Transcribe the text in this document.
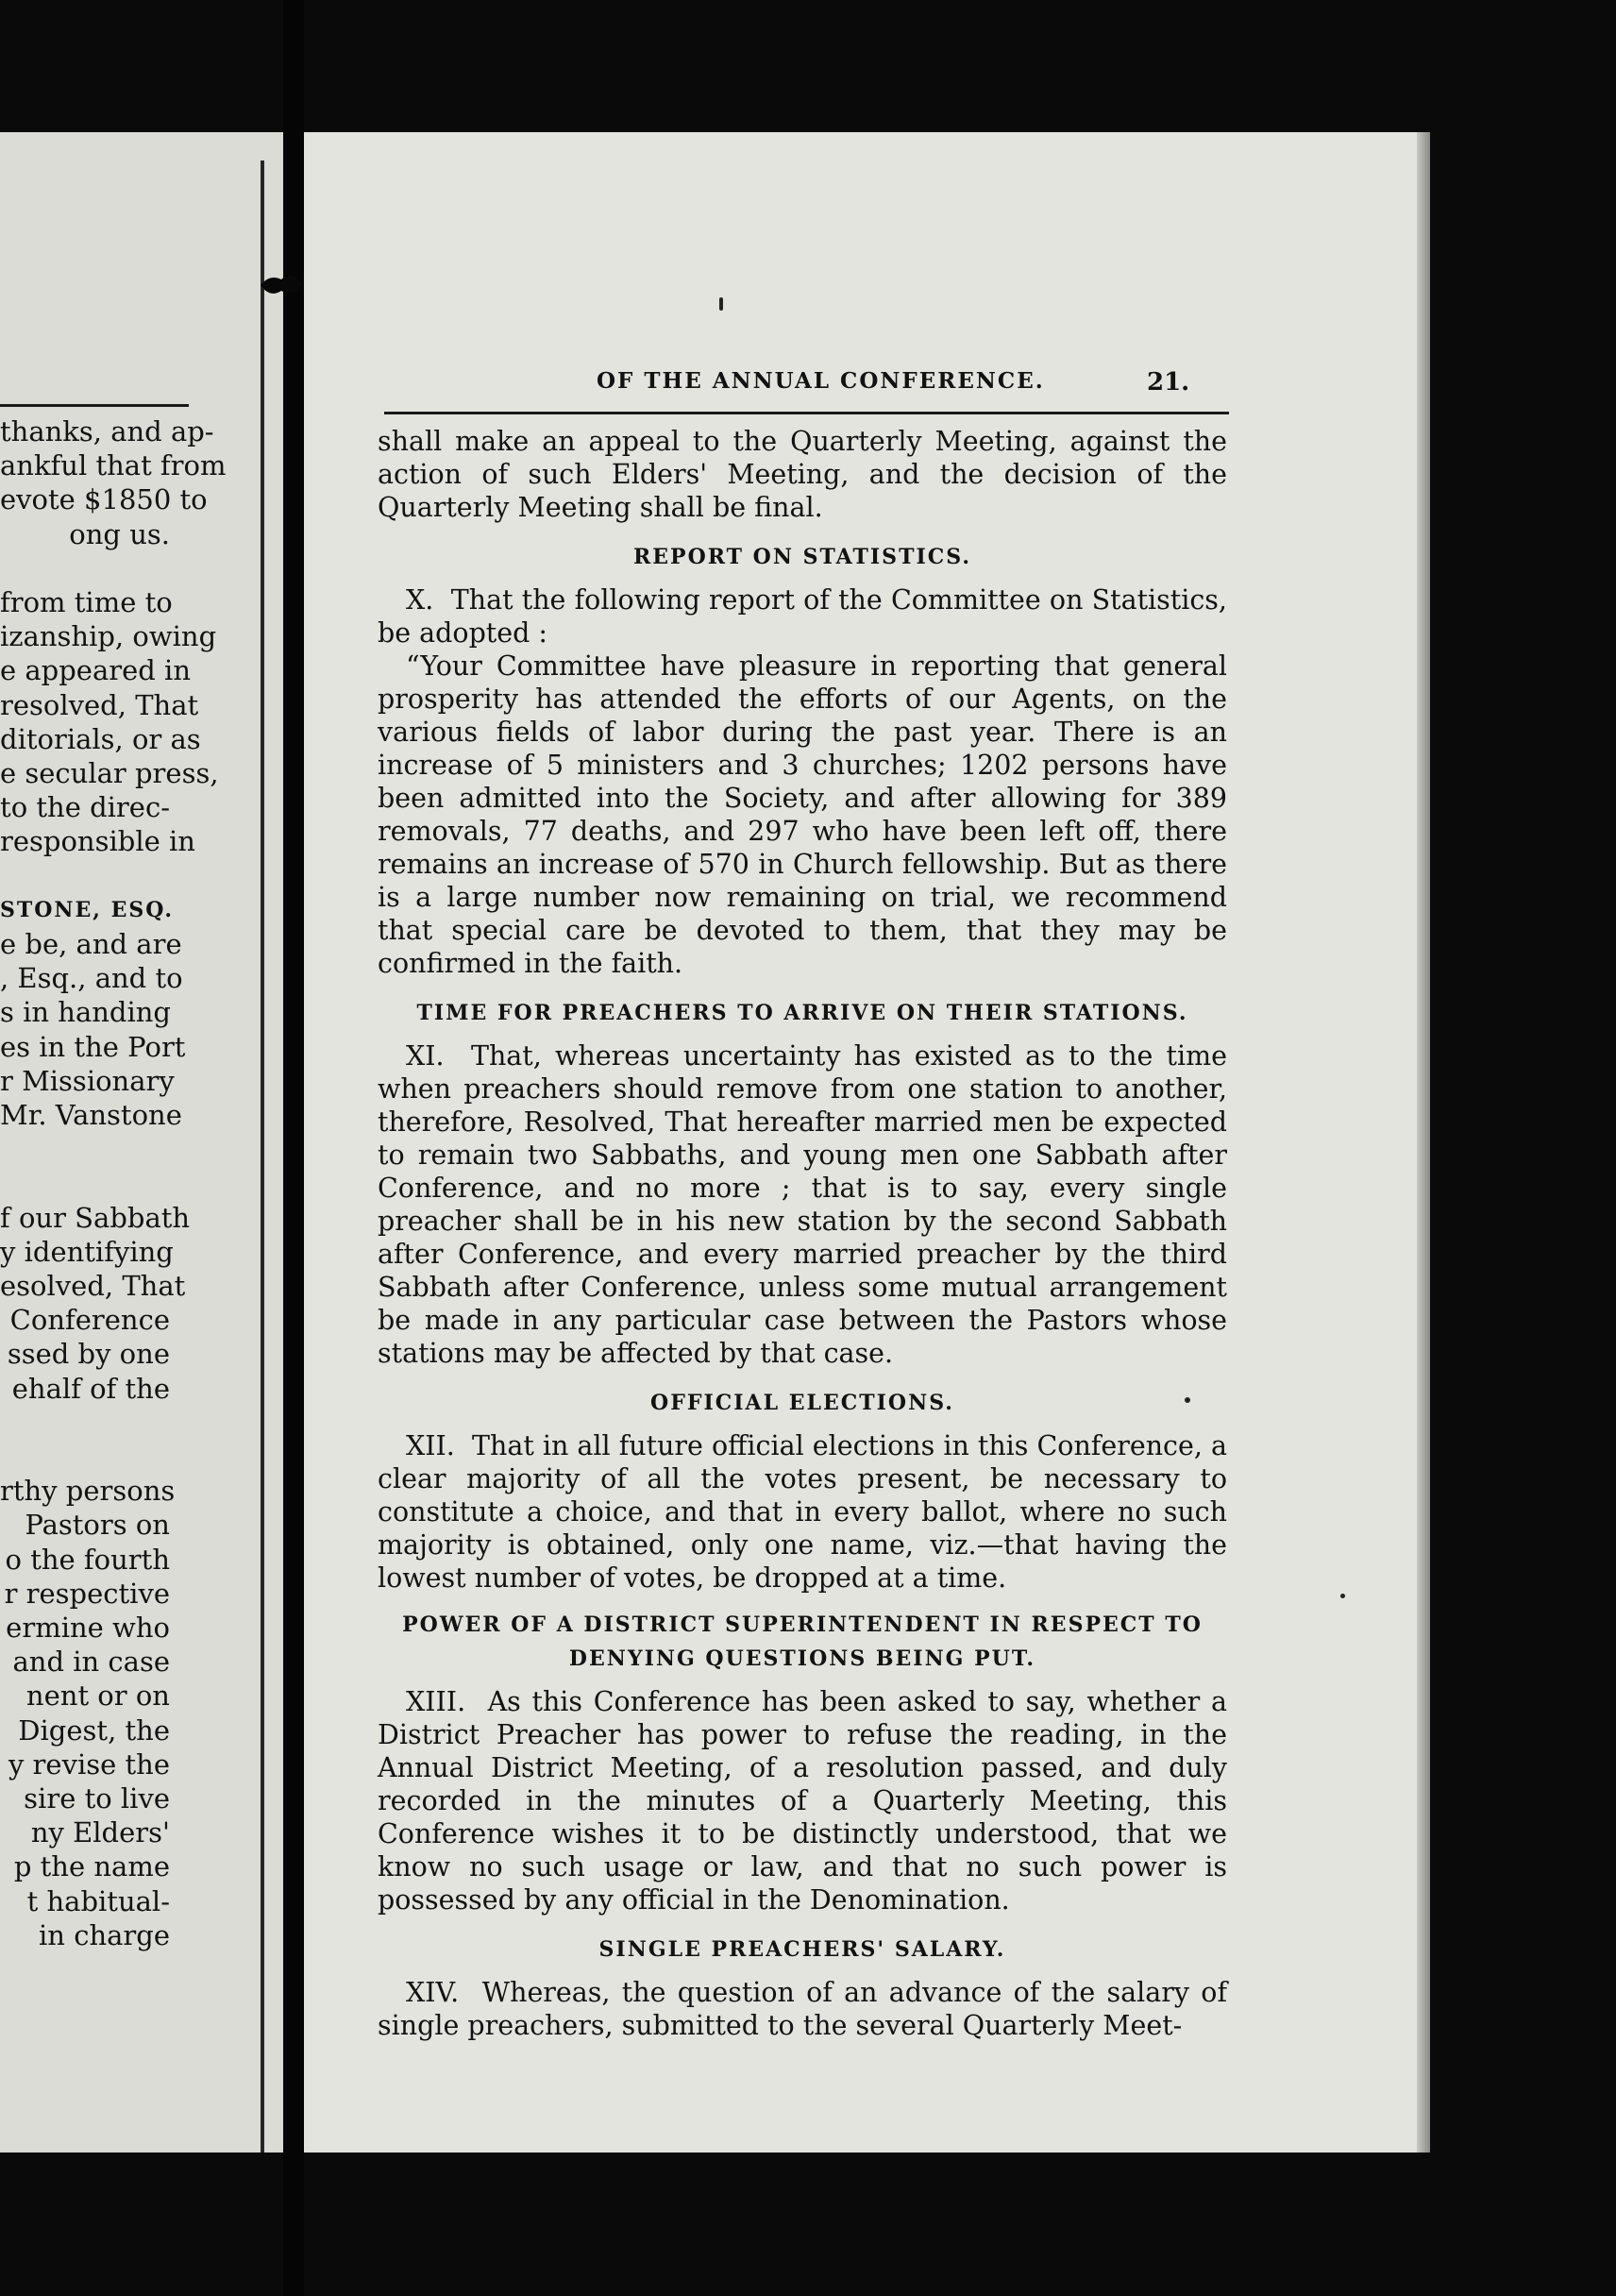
thanks, and ap-
ankful that from
evote $1850 to
ong us.
from time to
izanship, owing
e appeared in
resolved, That
ditorials, or as
e secular press,
to the direc-
responsible in
STONE, ESQ.
e be, and are
, Esq., and to
s in handing
es in the Port
r Missionary
Mr. Vanstone
f our Sabbath
y identifying
esolved, That
Conference
ssed by one
ehalf of the
rthy persons
Pastors on
o the fourth
r respective
ermine who
and in case
nent or on
Digest, the
y revise the
sire to live
ny Elders'
p the name
t habitual-
in charge
OF THE ANNUAL CONFERENCE.	21.

shall make an appeal to the Quarterly Meeting, against the action of such Elders' Meeting, and the decision of the Quarterly Meeting shall be final.

REPORT ON STATISTICS.

X. That the following report of the Committee on Statistics, be adopted :

“Your Committee have pleasure in reporting that general prosperity has attended the efforts of our Agents, on the various fields of labor during the past year. There is an increase of 5 ministers and 3 churches; 1202 persons have been admitted into the Society, and after allowing for 389 removals, 77 deaths, and 297 who have been left off, there remains an increase of 570 in Church fellowship. But as there is a large number now remaining on trial, we recommend that special care be devoted to them, that they may be confirmed in the faith.

TIME FOR PREACHERS TO ARRIVE ON THEIR STATIONS.

XI. That, whereas uncertainty has existed as to the time when preachers should remove from one station to another, therefore, Resolved, That hereafter married men be expected to remain two Sabbaths, and young men one Sabbath after Conference, and no more ; that is to say, every single preacher shall be in his new station by the second Sabbath after Conference, and every married preacher by the third Sabbath after Conference, unless some mutual arrangement be made in any particular case between the Pastors whose stations may be affected by that case.

OFFICIAL ELECTIONS.

XII. That in all future official elections in this Conference, a clear majority of all the votes present, be necessary to constitute a choice, and that in every ballot, where no such majority is obtained, only one name, viz.—that having the lowest number of votes, be dropped at a time.

POWER OF A DISTRICT SUPERINTENDENT IN RESPECT TO DENYING QUESTIONS BEING PUT.

XIII. As this Conference has been asked to say, whether a District Preacher has power to refuse the reading, in the Annual District Meeting, of a resolution passed, and duly recorded in the minutes of a Quarterly Meeting, this Conference wishes it to be distinctly understood, that we know no such usage or law, and that no such power is possessed by any official in the Denomination.

SINGLE PREACHERS' SALARY.

XIV. Whereas, the question of an advance of the salary of single preachers, submitted to the several Quarterly Meet-
